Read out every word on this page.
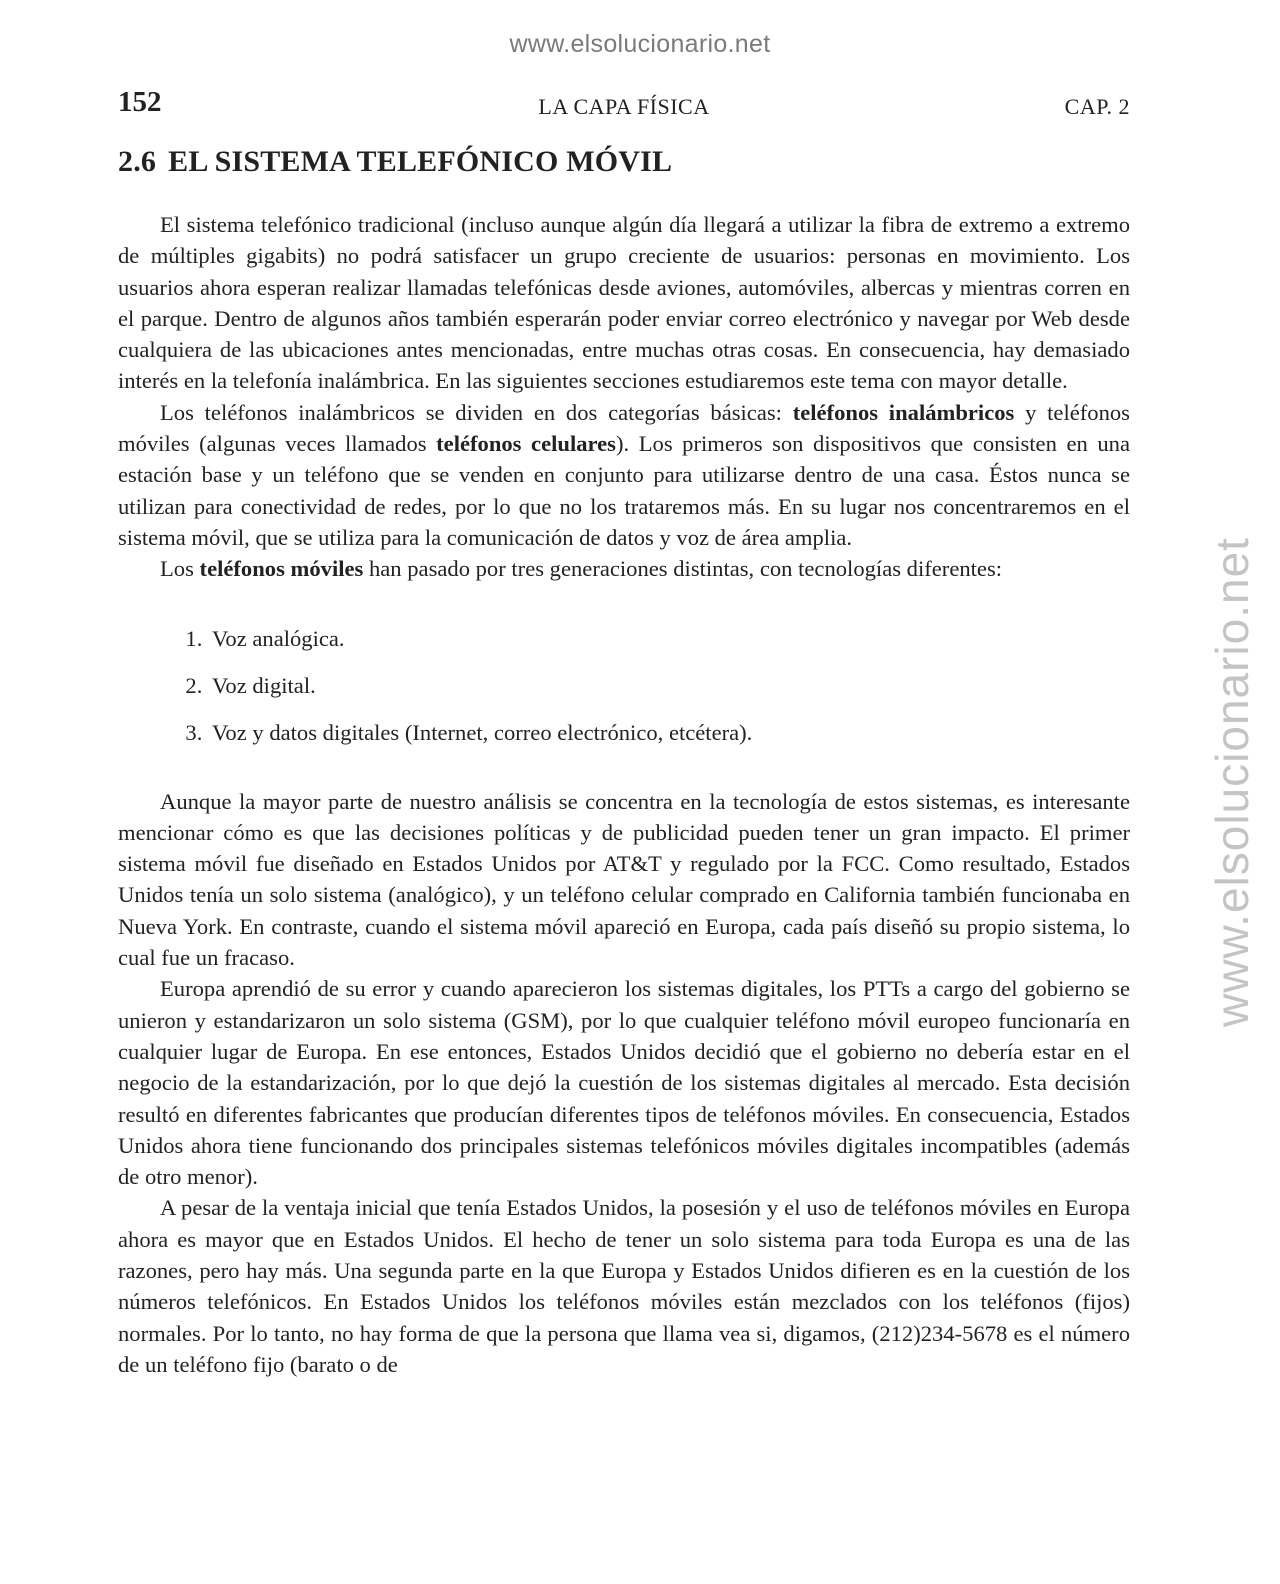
www.elsolucionario.net
www.elsolucionario.net
152	LA CAPA FÍSICA	CAP. 2
2.6 EL SISTEMA TELEFÓNICO MÓVIL

El sistema telefónico tradicional (incluso aunque algún día llegará a utilizar la fibra de extremo a extremo de múltiples gigabits) no podrá satisfacer un grupo creciente de usuarios: personas en movimiento. Los usuarios ahora esperan realizar llamadas telefónicas desde aviones, automóviles, albercas y mientras corren en el parque. Dentro de algunos años también esperarán poder enviar correo electrónico y navegar por Web desde cualquiera de las ubicaciones antes mencionadas, entre muchas otras cosas. En consecuencia, hay demasiado interés en la telefonía inalámbrica. En las siguientes secciones estudiaremos este tema con mayor detalle.

Los teléfonos inalámbricos se dividen en dos categorías básicas: teléfonos inalámbricos y teléfonos móviles (algunas veces llamados teléfonos celulares). Los primeros son dispositivos que consisten en una estación base y un teléfono que se venden en conjunto para utilizarse dentro de una casa. Éstos nunca se utilizan para conectividad de redes, por lo que no los trataremos más. En su lugar nos concentraremos en el sistema móvil, que se utiliza para la comunicación de datos y voz de área amplia.

Los teléfonos móviles han pasado por tres generaciones distintas, con tecnologías diferentes:

1. Voz analógica.
2. Voz digital.
3. Voz y datos digitales (Internet, correo electrónico, etcétera).

Aunque la mayor parte de nuestro análisis se concentra en la tecnología de estos sistemas, es interesante mencionar cómo es que las decisiones políticas y de publicidad pueden tener un gran impacto. El primer sistema móvil fue diseñado en Estados Unidos por AT&T y regulado por la FCC. Como resultado, Estados Unidos tenía un solo sistema (analógico), y un teléfono celular comprado en California también funcionaba en Nueva York. En contraste, cuando el sistema móvil apareció en Europa, cada país diseñó su propio sistema, lo cual fue un fracaso.

Europa aprendió de su error y cuando aparecieron los sistemas digitales, los PTTs a cargo del gobierno se unieron y estandarizaron un solo sistema (GSM), por lo que cualquier teléfono móvil europeo funcionaría en cualquier lugar de Europa. En ese entonces, Estados Unidos decidió que el gobierno no debería estar en el negocio de la estandarización, por lo que dejó la cuestión de los sistemas digitales al mercado. Esta decisión resultó en diferentes fabricantes que producían diferentes tipos de teléfonos móviles. En consecuencia, Estados Unidos ahora tiene funcionando dos principales sistemas telefónicos móviles digitales incompatibles (además de otro menor).

A pesar de la ventaja inicial que tenía Estados Unidos, la posesión y el uso de teléfonos móviles en Europa ahora es mayor que en Estados Unidos. El hecho de tener un solo sistema para toda Europa es una de las razones, pero hay más. Una segunda parte en la que Europa y Estados Unidos difieren es en la cuestión de los números telefónicos. En Estados Unidos los teléfonos móviles están mezclados con los teléfonos (fijos) normales. Por lo tanto, no hay forma de que la persona que llama vea si, digamos, (212)234-5678 es el número de un teléfono fijo (barato o de
